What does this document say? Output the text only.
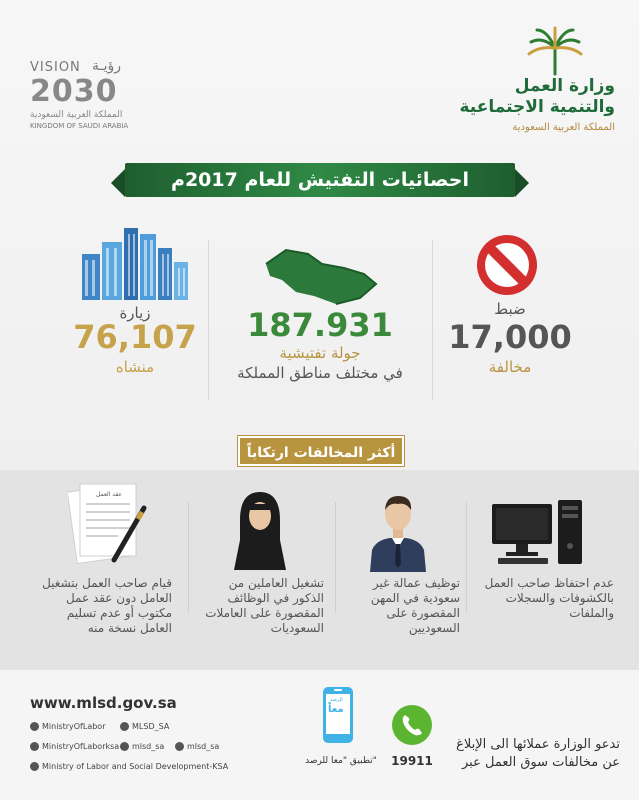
VISION رؤيـة
2030
المملكة العربية السعودية
KINGDOM OF SAUDI ARABIA
وزارة العمل
والتنمية الاجتماعية
المملكة العربية السعودية
احصائيات التفتيش للعام 2017م
زيارة
76,107
منشاه
187.931
جولة تفتيشية
في مختلف مناطق المملكة
ضبط
17,000
مخالفة
أكثر المخالفات ارتكاباً
عقد العمل
قيام صاحب العمل بتشغيل العامل دون عقد عمل مكتوب أو عدم تسليم العامل نسخة منه
تشغيل العاملين من الذكور في الوظائف المقصورة على العاملات السعوديات
توظيف عمالة غير سعودية في المهن المقصورة على السعوديين
عدم احتفاظ صاحب العمل بالكشوفات والسجلات والملفات
www.mlsd.gov.sa
MinistryOfLabor	MLSD_SA
MinistryOfLaborksa mlsd_sa	mlsd_sa
Ministry of Labor and Social Development-KSA
معاً
للرصد
تطبيق "معا للرصد"	19911
تدعو الوزارة عملائها الى الإبلاغ
عن مخالفات سوق العمل عبر
